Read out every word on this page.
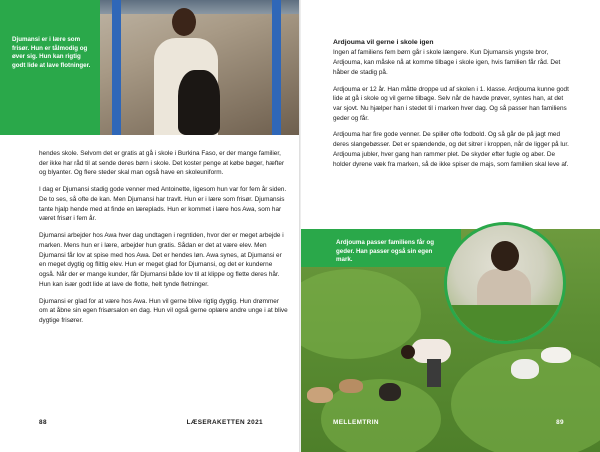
Djumansi er i lære som frisør. Hun er tålmodig og øver sig. Hun kan rigtig godt lide at lave flotninger.

hendes skole. Selvom det er gratis at gå i skole i Burkina Faso, er der mange familier, der ikke har råd til at sende deres børn i skole. Det koster penge at købe bøger, hæfter og blyanter. Og flere steder skal man også have en skoleuniform.

I dag er Djumansi stadig gode venner med Antoinette, ligesom hun var for fem år siden. De to ses, så ofte de kan. Men Djumansi har travlt. Hun er i lære som frisør. Djumansis tante hjalp hende med at finde en læreplads. Hun er kommet i lære hos Awa, som har været frisør i fem år.

Djumansi arbejder hos Awa hver dag undtagen i regntiden, hvor der er meget arbejde i marken. Mens hun er i lære, arbejder hun gratis. Sådan er det at være elev. Men Djumansi får lov at spise med hos Awa. Det er hendes løn. Awa synes, at Djumansi er en meget dygtig og flittig elev. Hun er meget glad for Djumansi, og det er kunderne også. Når der er mange kunder, får Djumansi både lov til at klippe og flette deres hår. Hun kan især godt lide at lave de flotte, helt tynde fletninger.

Djumansi er glad for at være hos Awa. Hun vil gerne blive rigtig dygtig. Hun drømmer om at åbne sin egen frisørsalon en dag. Hun vil også gerne oplære andre unge i at blive dygtige frisører.

88	LÆSERAKETTEN 2021
Ardjouma vil gerne i skole igen

Ingen af familiens fem børn går i skole længere. Kun Djumansis yngste bror, Ardjouma, kan måske nå at komme tilbage i skole igen, hvis familien får råd. Det håber de stadig på.

Ardjouma er 12 år. Han måtte droppe ud af skolen i 1. klasse. Ardjouma kunne godt lide at gå i skole og vil gerne tilbage. Selv når de havde prøver, syntes han, at det var sjovt. Nu hjælper han i stedet til i marken hver dag. Og så passer han familiens geder og får.

Ardjouma har fire gode venner. De spiller ofte fodbold. Og så går de på jagt med deres slangebøsser. Det er spændende, og det sitrer i kroppen, når de ligger på lur. Ardjouma jubler, hver gang han rammer plet. De skyder efter fugle og aber. De holder dyrene væk fra marken, så de ikke spiser de majs, som familien skal leve af.

Ardjouma passer familiens får og geder. Han passer også sin egen mark.
MELLEMTRIN	89
